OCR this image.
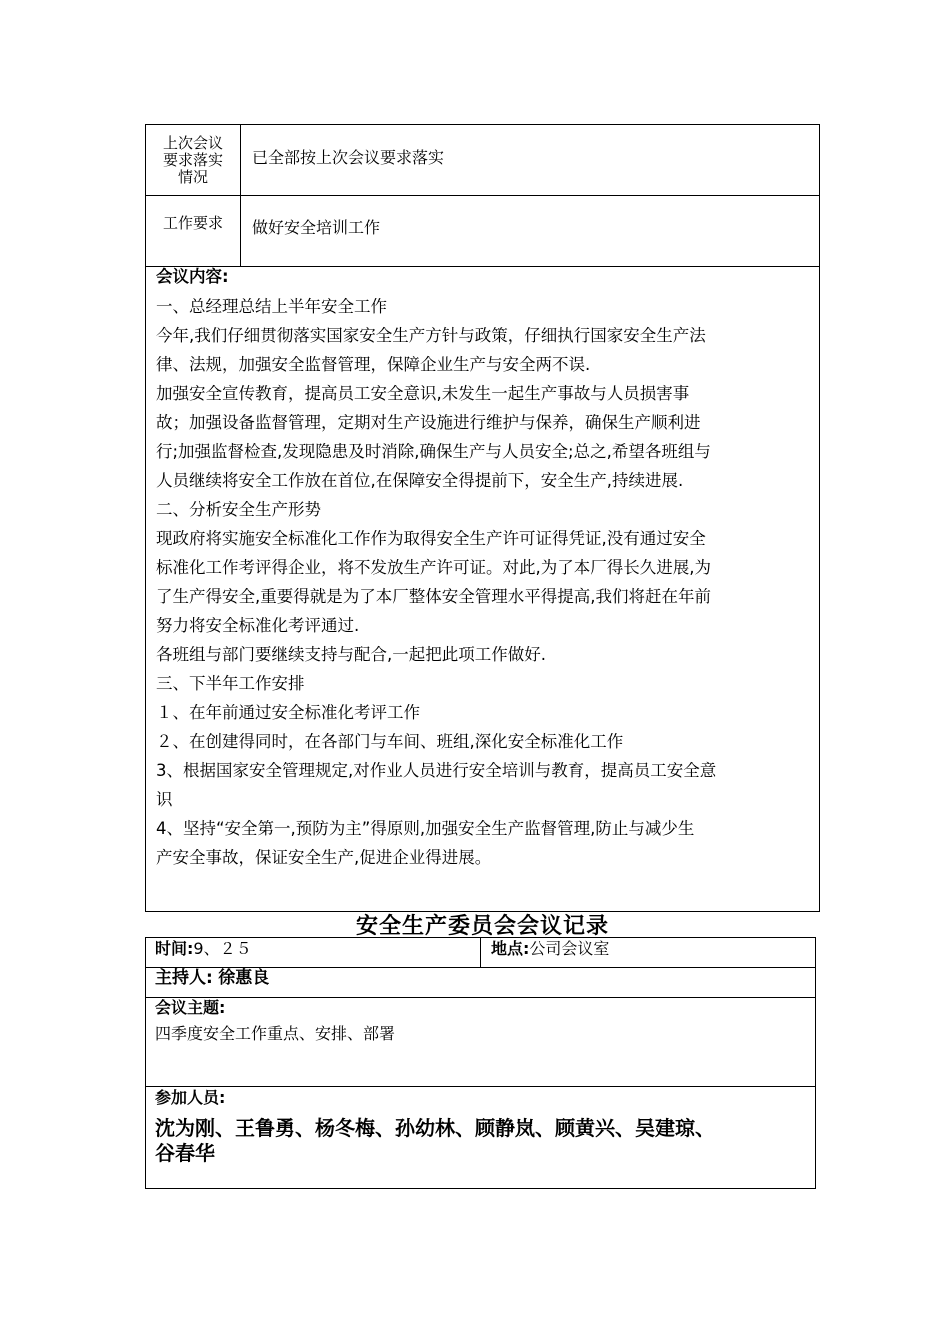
上次会议
要求落实
情况
已全部按上次会议要求落实
工作要求	做好安全培训工作

会议内容:

一、总经理总结上半年安全工作

今年,我们仔细贯彻落实国家安全生产方针与政策，仔细执行国家安全生产法

律、法规，加强安全监督管理，保障企业生产与安全两不误.

加强安全宣传教育，提高员工安全意识,未发生一起生产事故与人员损害事

故；加强设备监督管理，定期对生产设施进行维护与保养，确保生产顺利进

行;加强监督检查,发现隐患及时消除,确保生产与人员安全;总之,希望各班组与

人员继续将安全工作放在首位,在保障安全得提前下，安全生产,持续进展.

二、分析安全生产形势

现政府将实施安全标准化工作作为取得安全生产许可证得凭证,没有通过安全

标准化工作考评得企业，将不发放生产许可证。对此,为了本厂得长久进展,为

了生产得安全,重要得就是为了本厂整体安全管理水平得提高,我们将赶在年前

努力将安全标准化考评通过.

各班组与部门要继续支持与配合,一起把此项工作做好.

三、下半年工作安排

１、在年前通过安全标准化考评工作

２、在创建得同时，在各部门与车间、班组,深化安全标准化工作

3、根据国家安全管理规定,对作业人员进行安全培训与教育，提高员工安全意

识

4、坚持“安全第一,预防为主”得原则,加强安全生产监督管理,防止与减少生

产安全事故，保证安全生产,促进企业得进展。

安全生产委员会会议记录
时间:9、２５	地点:公司会议室
主持人: 徐惠良
会议主题:
四季度安全工作重点、安排、部署
参加人员:
沈为刚、王鲁勇、杨冬梅、孙幼林、顾静岚、顾黄兴、吴建琼、
谷春华
